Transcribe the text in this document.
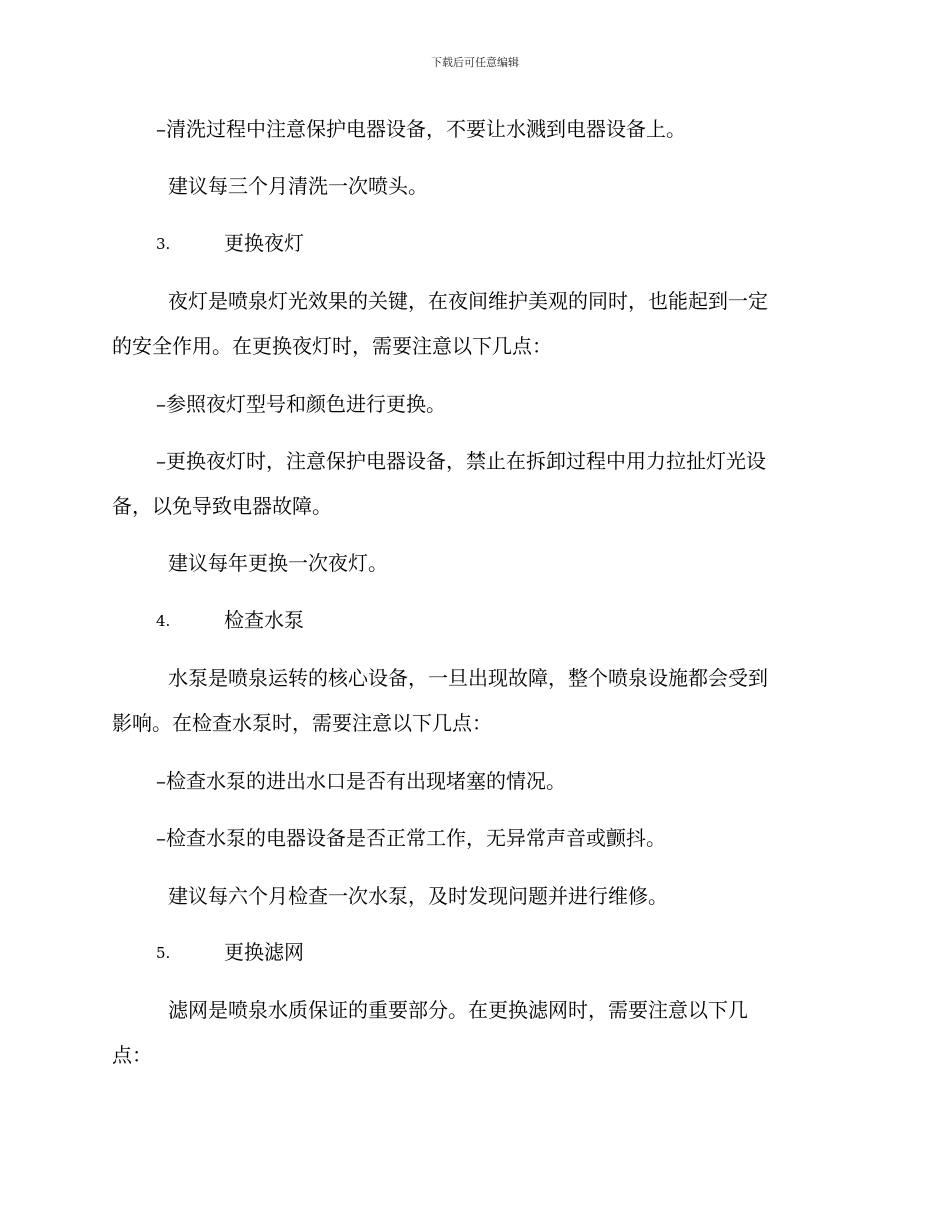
下载后可任意编辑
–清洗过程中注意保护电器设备，不要让水溅到电器设备上。
建议每三个月清洗一次喷头。
3.	更换夜灯
夜灯是喷泉灯光效果的关键，在夜间维护美观的同时，也能起到一定
的安全作用。在更换夜灯时，需要注意以下几点：
–参照夜灯型号和颜色进行更换。
–更换夜灯时，注意保护电器设备，禁止在拆卸过程中用力拉扯灯光设
备，以免导致电器故障。
建议每年更换一次夜灯。
4.	检查水泵
水泵是喷泉运转的核心设备，一旦出现故障，整个喷泉设施都会受到
影响。在检查水泵时，需要注意以下几点：
–检查水泵的进出水口是否有出现堵塞的情况。
–检查水泵的电器设备是否正常工作，无异常声音或颤抖。
建议每六个月检查一次水泵，及时发现问题并进行维修。
5.	更换滤网
滤网是喷泉水质保证的重要部分。在更换滤网时，需要注意以下几
点：
